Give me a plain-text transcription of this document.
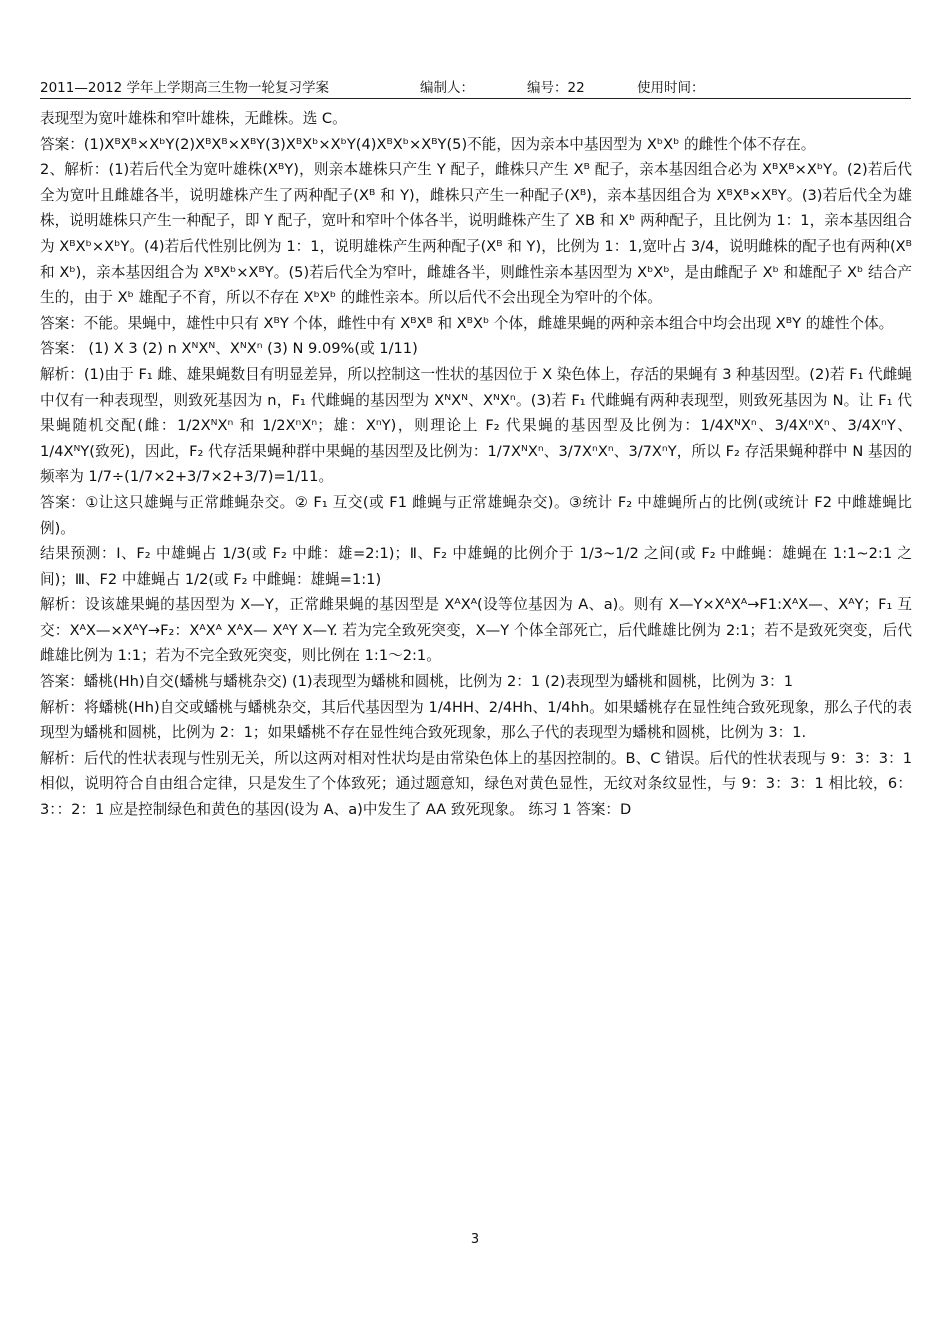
2011—2012 学年上学期高三生物一轮复习学案	编制人：	编号：22	使用时间：

表现型为宽叶雄株和窄叶雄株，无雌株。选 C。

答案：(1)XᴮXᴮ×XᵇY(2)XᴮXᴮ×XᴮY(3)XᴮXᵇ×XᵇY(4)XᴮXᵇ×XᴮY(5)不能，因为亲本中基因型为 XᵇXᵇ 的雌性个体不存在。

2、解析：(1)若后代全为宽叶雄株(XᴮY)，则亲本雄株只产生 Y 配子，雌株只产生 Xᴮ 配子，亲本基因组合必为 XᴮXᴮ×XᵇY。(2)若后代全为宽叶且雌雄各半，说明雄株产生了两种配子(Xᴮ 和 Y)，雌株只产生一种配子(Xᴮ)，亲本基因组合为 XᴮXᴮ×XᴮY。(3)若后代全为雄株，说明雄株只产生一种配子，即 Y 配子，宽叶和窄叶个体各半，说明雌株产生了 XB 和 Xᵇ 两种配子，且比例为 1：1，亲本基因组合为 XᴮXᵇ×XᵇY。(4)若后代性别比例为 1：1，说明雄株产生两种配子(Xᴮ 和 Y)，比例为 1：1,宽叶占 3/4，说明雌株的配子也有两种(Xᴮ 和 Xᵇ)，亲本基因组合为 XᴮXᵇ×XᴮY。(5)若后代全为窄叶，雌雄各半，则雌性亲本基因型为 XᵇXᵇ，是由雌配子 Xᵇ 和雄配子 Xᵇ 结合产生的，由于 Xᵇ 雄配子不育，所以不存在 XᵇXᵇ 的雌性亲本。所以后代不会出现全为窄叶的个体。

答案：不能。果蝇中，雄性中只有 XᴮY 个体，雌性中有 XᴮXᴮ 和 XᴮXᵇ 个体，雌雄果蝇的两种亲本组合中均会出现 XᴮY 的雄性个体。

答案： (1) X 3 (2) n XᴺXᴺ、XᴺXⁿ (3) N 9.09%(或 1/11)

解析：(1)由于 F₁ 雌、雄果蝇数目有明显差异，所以控制这一性状的基因位于 X 染色体上，存活的果蝇有 3 种基因型。(2)若 F₁ 代雌蝇中仅有一种表现型，则致死基因为 n，F₁ 代雌蝇的基因型为 XᴺXᴺ、XᴺXⁿ。(3)若 F₁ 代雌蝇有两种表现型，则致死基因为 N。让 F₁ 代果蝇随机交配(雌：1/2XᴺXⁿ 和 1/2XⁿXⁿ；雄：XⁿY)，则理论上 F₂ 代果蝇的基因型及比例为：1/4XᴺXⁿ、3/4XⁿXⁿ、3/4XⁿY、1/4XᴺY(致死)，因此，F₂ 代存活果蝇种群中果蝇的基因型及比例为：1/7XᴺXⁿ、3/7XⁿXⁿ、3/7XⁿY，所以 F₂ 存活果蝇种群中 N 基因的频率为 1/7÷(1/7×2+3/7×2+3/7)=1/11。

答案：①让这只雄蝇与正常雌蝇杂交。② F₁ 互交(或 F1 雌蝇与正常雄蝇杂交)。③统计 F₂ 中雄蝇所占的比例(或统计 F2 中雌雄蝇比例)。

结果预测：Ⅰ、F₂ 中雄蝇占 1/3(或 F₂ 中雌：雄=2:1)；Ⅱ、F₂ 中雄蝇的比例介于 1/3~1/2 之间(或 F₂ 中雌蝇：雄蝇在 1:1~2:1 之间)；Ⅲ、F2 中雄蝇占 1/2(或 F₂ 中雌蝇：雄蝇=1:1)

解析：设该雄果蝇的基因型为 X—Y，正常雌果蝇的基因型是 XᴬXᴬ(设等位基因为 A、a)。则有 X—Y×XᴬXᴬ→F1:XᴬX—、XᴬY；F₁ 互交：XᴬX—×XᴬY→F₂：XᴬXᴬ XᴬX— XᴬY X—Y. 若为完全致死突变，X—Y 个体全部死亡，后代雌雄比例为 2:1；若不是致死突变，后代雌雄比例为 1:1；若为不完全致死突变，则比例在 1:1～2:1。

答案：蟠桃(Hh)自交(蟠桃与蟠桃杂交) (1)表现型为蟠桃和圆桃，比例为 2：1 (2)表现型为蟠桃和圆桃，比例为 3：1

解析：将蟠桃(Hh)自交或蟠桃与蟠桃杂交，其后代基因型为 1/4HH、2/4Hh、1/4hh。如果蟠桃存在显性纯合致死现象，那么子代的表现型为蟠桃和圆桃，比例为 2：1；如果蟠桃不存在显性纯合致死现象，那么子代的表现型为蟠桃和圆桃，比例为 3：1.

解析：后代的性状表现与性别无关，所以这两对相对性状均是由常染色体上的基因控制的。B、C 错误。后代的性状表现与 9：3：3：1 相似，说明符合自由组合定律，只是发生了个体致死；通过题意知，绿色对黄色显性，无纹对条纹显性，与 9：3：3：1 相比较，6：3：：2：1 应是控制绿色和黄色的基因(设为 A、a)中发生了 AA 致死现象。 练习 1 答案：D

3
